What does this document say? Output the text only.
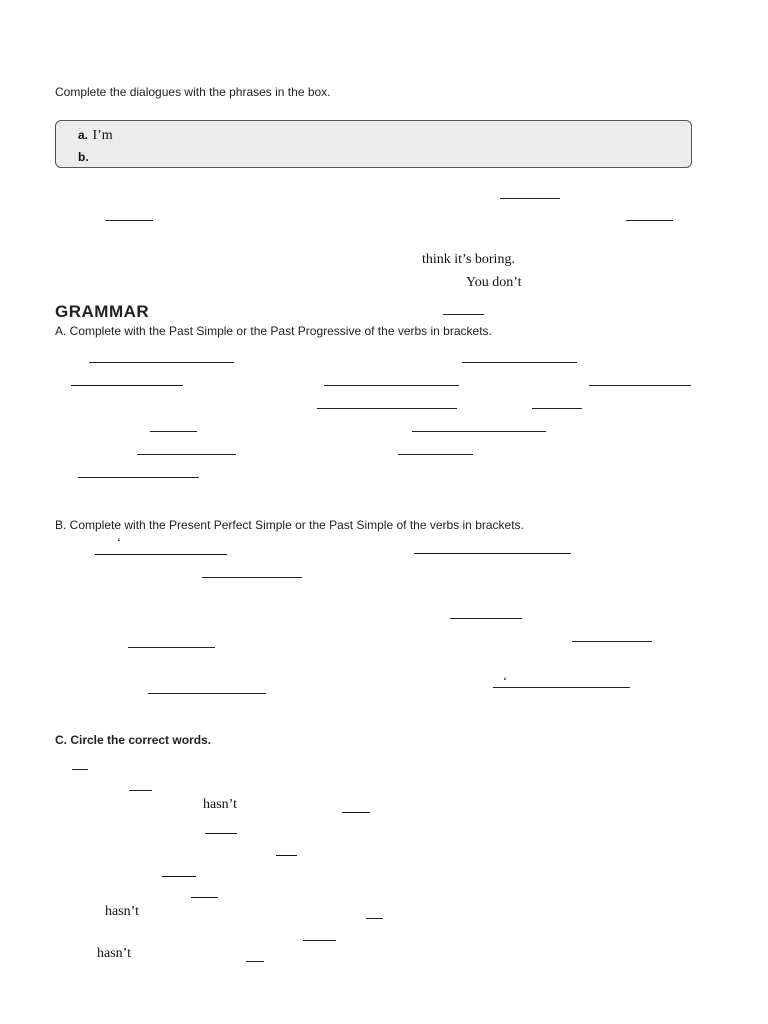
Complete the dialogues with the phrases in the box.
a. I’m
b.
think it’s boring.
You don’t
GRAMMAR
A. Complete with the Past Simple or the Past Progressive of the verbs in brackets.
B. Complete with the Present Perfect Simple or the Past Simple of the verbs in brackets.
‘
‘
C. Circle the correct words.
hasn’t
hasn’t
hasn’t
